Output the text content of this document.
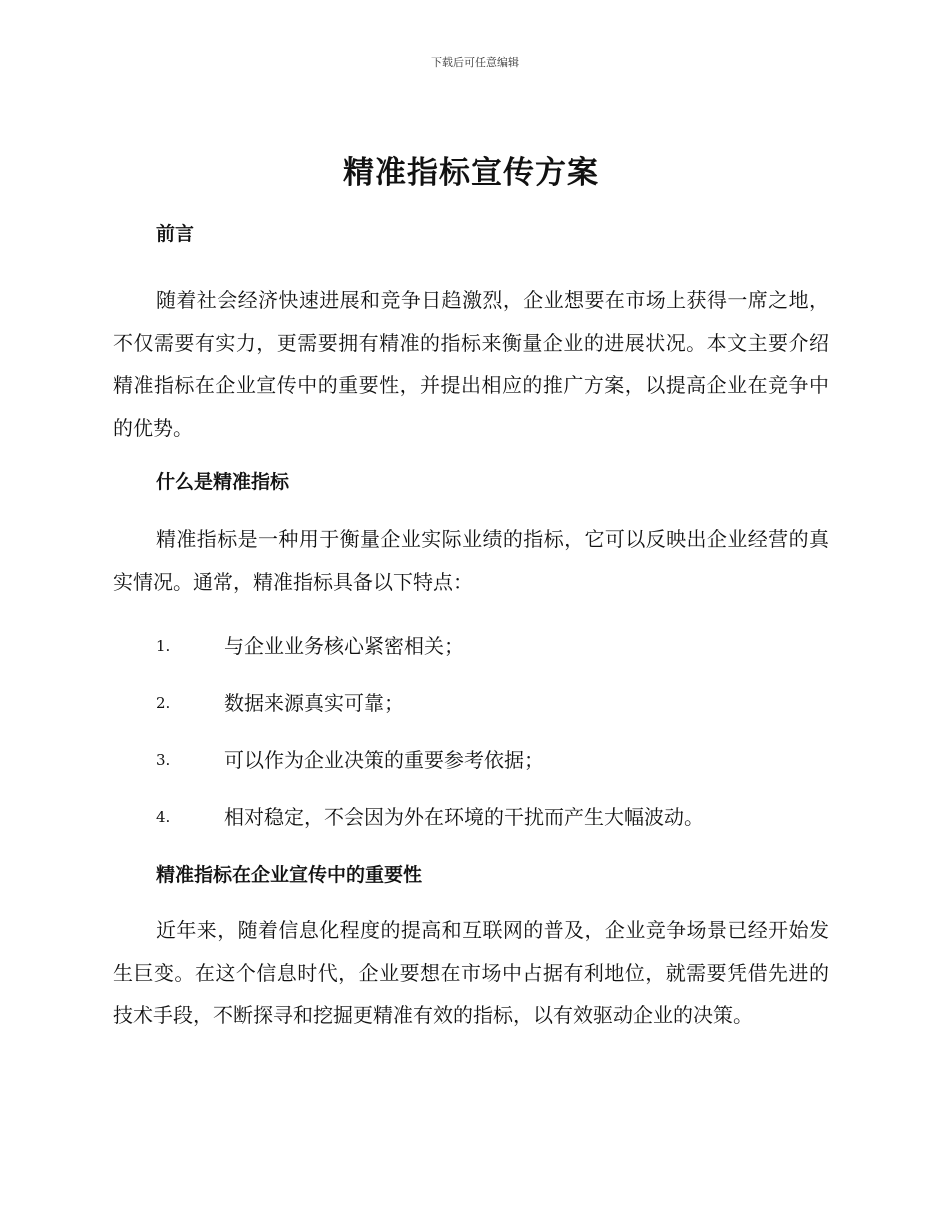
下载后可任意编辑
精准指标宣传方案
前言

随着社会经济快速进展和竞争日趋激烈，企业想要在市场上获得一席之地，不仅需要有实力，更需要拥有精准的指标来衡量企业的进展状况。本文主要介绍精准指标在企业宣传中的重要性，并提出相应的推广方案，以提高企业在竞争中的优势。

什么是精准指标

精准指标是一种用于衡量企业实际业绩的指标，它可以反映出企业经营的真实情况。通常，精准指标具备以下特点：

1.	与企业业务核心紧密相关；
2.	数据来源真实可靠；
3.	可以作为企业决策的重要参考依据；
4.	相对稳定，不会因为外在环境的干扰而产生大幅波动。
精准指标在企业宣传中的重要性

近年来，随着信息化程度的提高和互联网的普及，企业竞争场景已经开始发生巨变。在这个信息时代，企业要想在市场中占据有利地位，就需要凭借先进的技术手段，不断探寻和挖掘更精准有效的指标，以有效驱动企业的决策。
